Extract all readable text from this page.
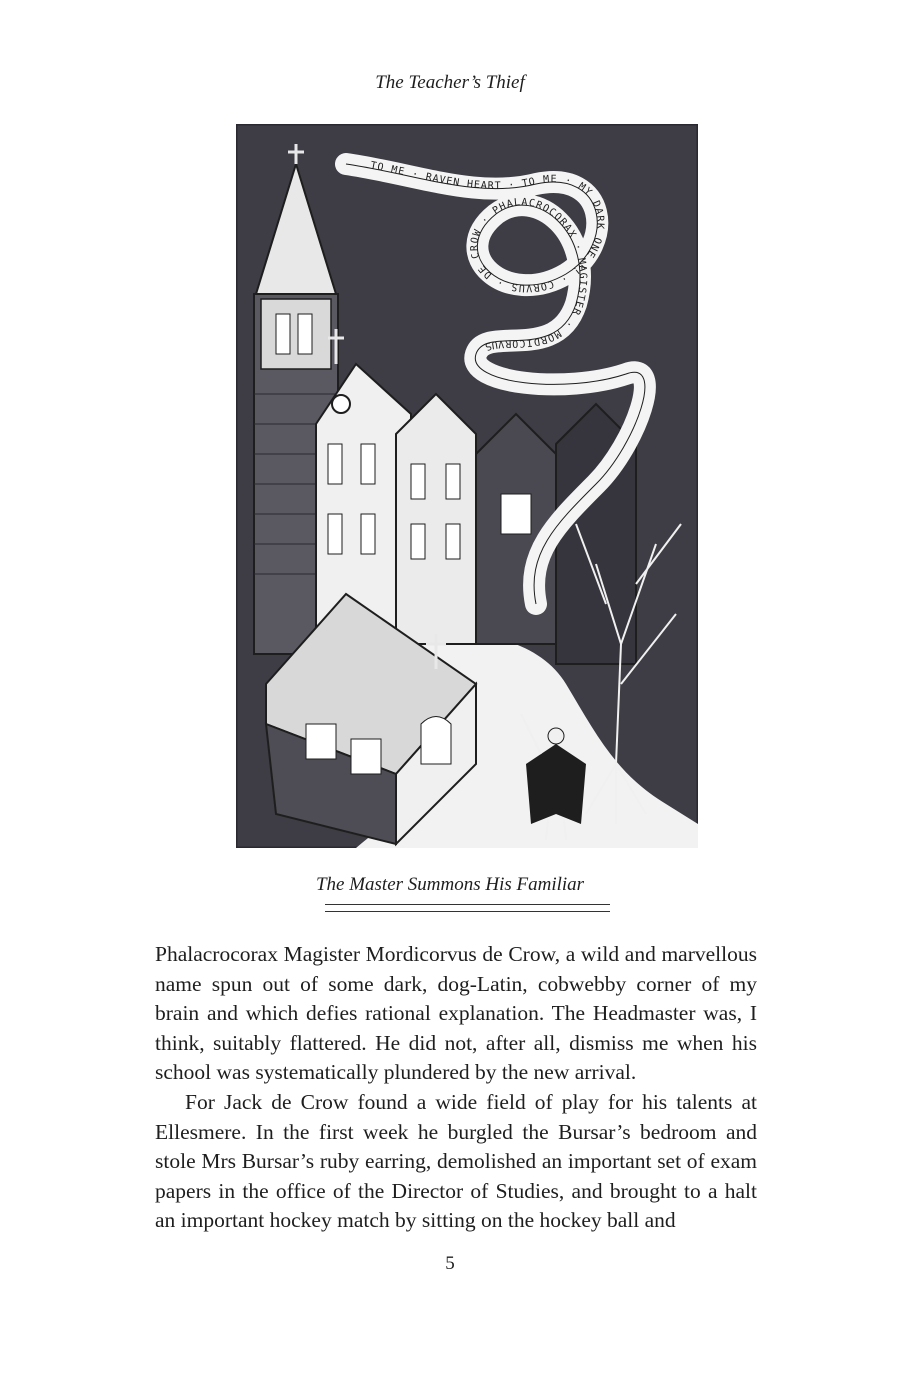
The Teacher’s Thief
TO ME · RAVEN HEART · TO ME · MY DARK ONE !! · CORVUS · DE CROW · PHALACROCORAX · MAGISTER · MORDICORVUS
The Master Summons His Familiar

Phalacrocorax Magister Mordicorvus de Crow, a wild and marvellous name spun out of some dark, dog-Latin, cobwebby corner of my brain and which defies rational explanation. The Headmaster was, I think, suitably flattered. He did not, after all, dismiss me when his school was systematically plundered by the new arrival.

For Jack de Crow found a wide field of play for his talents at Ellesmere. In the first week he burgled the Bursar’s bedroom and stole Mrs Bursar’s ruby earring, demolished an important set of exam papers in the office of the Director of Studies, and brought to a halt an important hockey match by sitting on the hockey ball and

5
